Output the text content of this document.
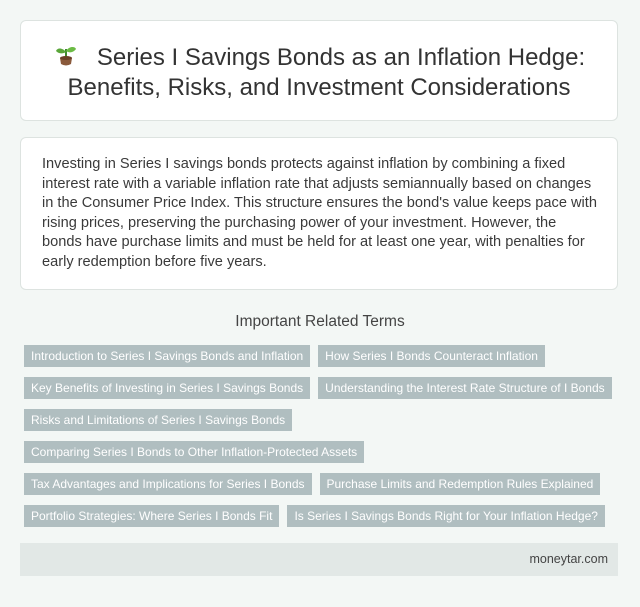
Series I Savings Bonds as an Inflation Hedge: Benefits, Risks, and Investment Considerations

Investing in Series I savings bonds protects against inflation by combining a fixed interest rate with a variable inflation rate that adjusts semiannually based on changes in the Consumer Price Index. This structure ensures the bond's value keeps pace with rising prices, preserving the purchasing power of your investment. However, the bonds have purchase limits and must be held for at least one year, with penalties for early redemption before five years.

Important Related Terms
Introduction to Series I Savings Bonds and Inflation	How Series I Bonds Counteract Inflation
Key Benefits of Investing in Series I Savings Bonds	Understanding the Interest Rate Structure of I Bonds
Risks and Limitations of Series I Savings Bonds
Comparing Series I Bonds to Other Inflation-Protected Assets
Tax Advantages and Implications for Series I Bonds	Purchase Limits and Redemption Rules Explained
Portfolio Strategies: Where Series I Bonds Fit	Is Series I Savings Bonds Right for Your Inflation Hedge?
moneytar.com
